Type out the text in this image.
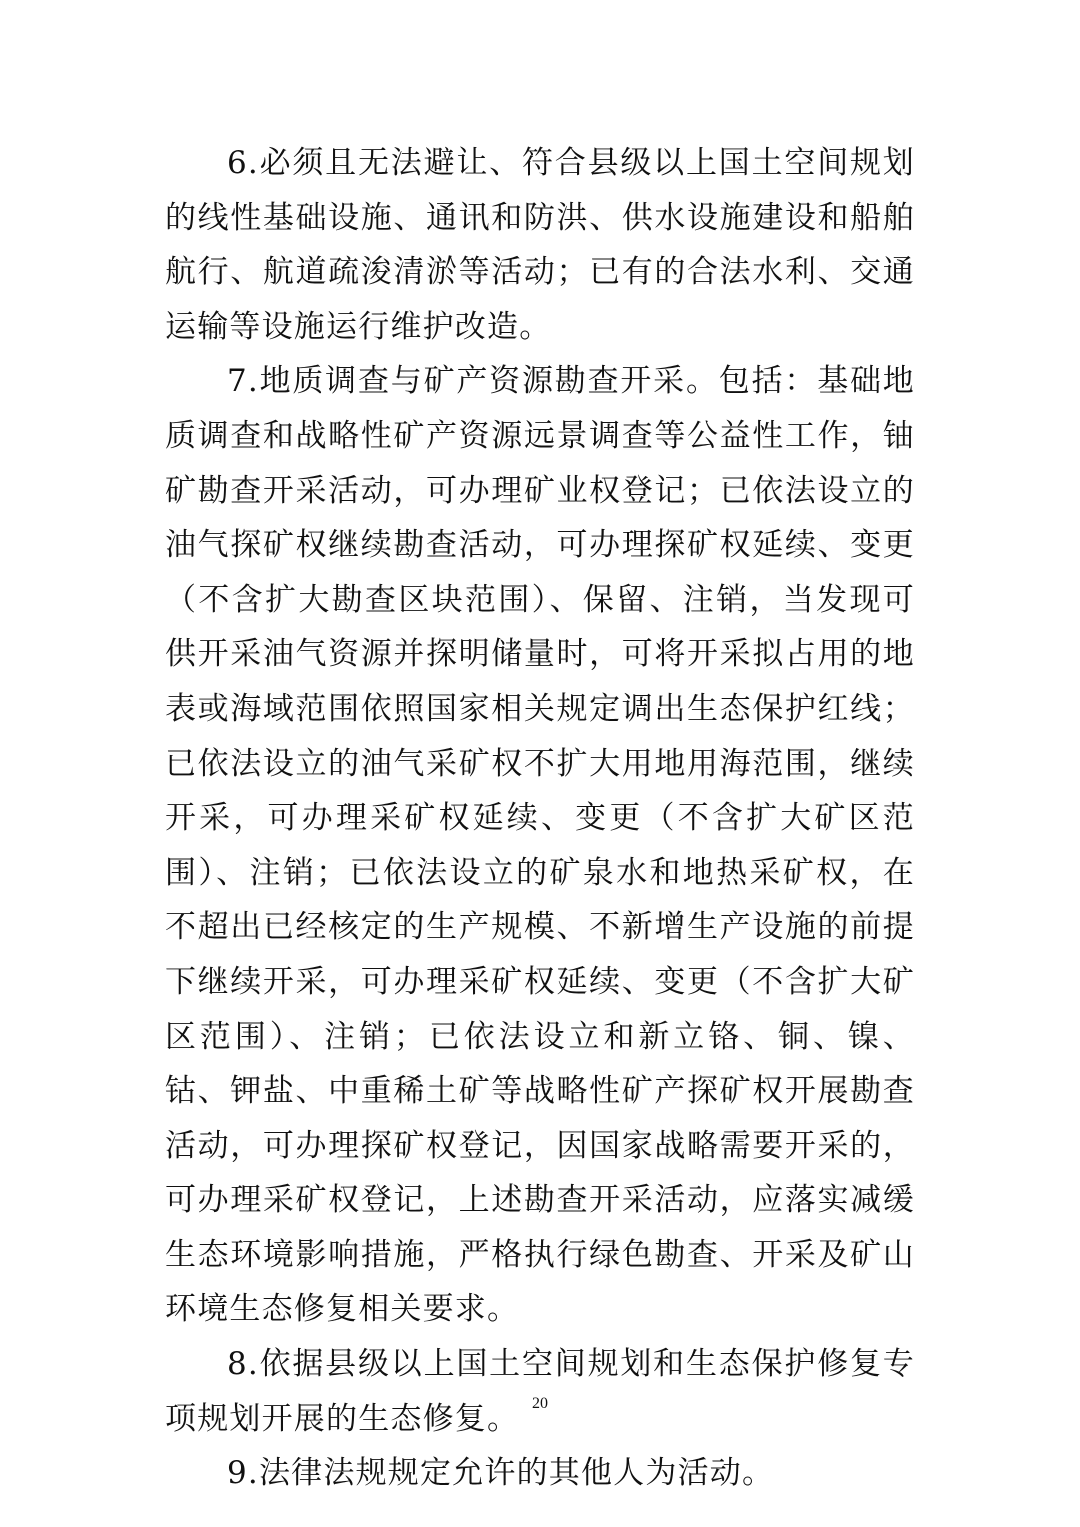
6.必须且无法避让、符合县级以上国土空间规划的线性基础设施、通讯和防洪、供水设施建设和船舶航行、航道疏浚清淤等活动；已有的合法水利、交通运输等设施运行维护改造。

7.地质调查与矿产资源勘查开采。包括：基础地质调查和战略性矿产资源远景调查等公益性工作，铀矿勘查开采活动，可办理矿业权登记；已依法设立的油气探矿权继续勘查活动，可办理探矿权延续、变更（不含扩大勘查区块范围）、保留、注销，当发现可供开采油气资源并探明储量时，可将开采拟占用的地表或海域范围依照国家相关规定调出生态保护红线；已依法设立的油气采矿权不扩大用地用海范围，继续开采，可办理采矿权延续、变更（不含扩大矿区范围）、注销；已依法设立的矿泉水和地热采矿权，在不超出已经核定的生产规模、不新增生产设施的前提下继续开采，可办理采矿权延续、变更（不含扩大矿区范围）、注销；已依法设立和新立铬、铜、镍、钴、钾盐、中重稀土矿等战略性矿产探矿权开展勘查活动，可办理探矿权登记，因国家战略需要开采的，可办理采矿权登记，上述勘查开采活动，应落实减缓生态环境影响措施，严格执行绿色勘查、开采及矿山环境生态修复相关要求。

8.依据县级以上国土空间规划和生态保护修复专项规划开展的生态修复。

9.法律法规规定允许的其他人为活动。

20
